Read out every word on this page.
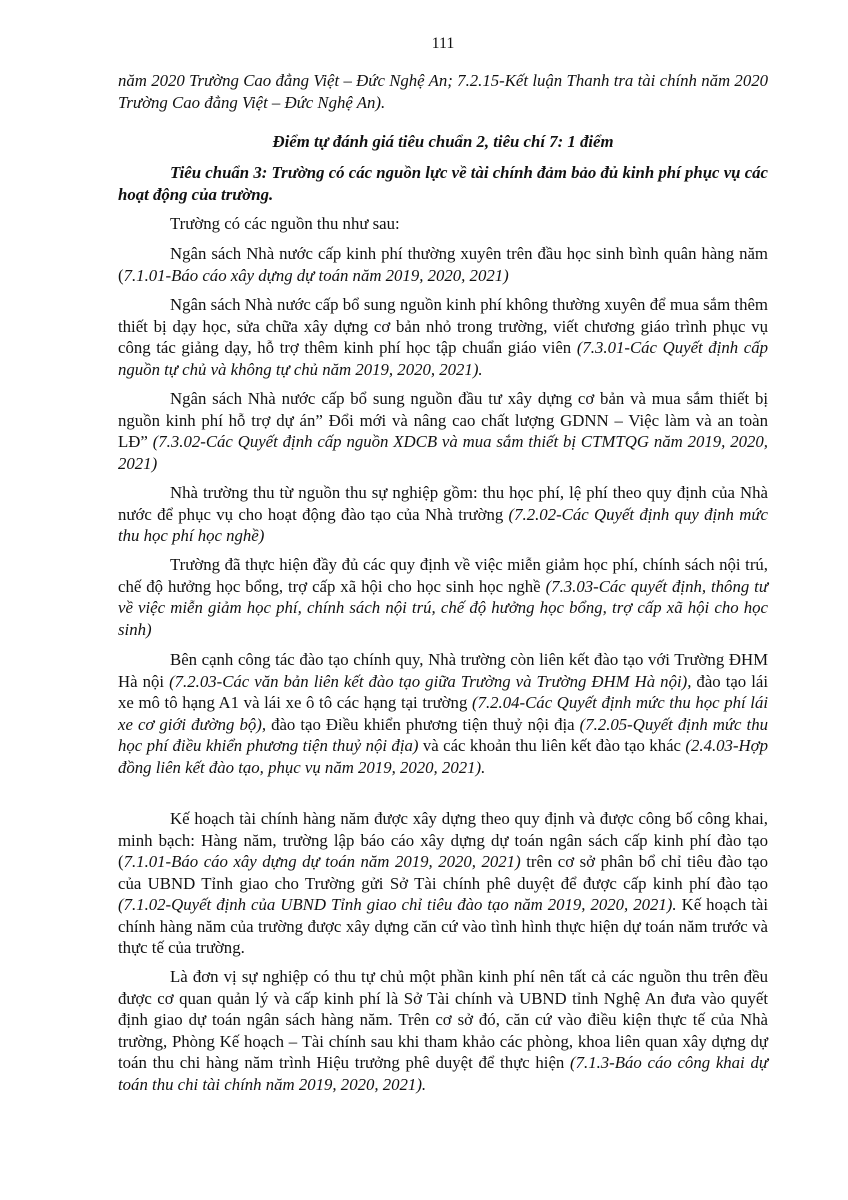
111

năm 2020 Trường Cao đẳng Việt – Đức Nghệ An; 7.2.15-Kết luận Thanh tra tài chính năm 2020 Trường Cao đẳng Việt – Đức Nghệ An).

Điểm tự đánh giá tiêu chuẩn 2, tiêu chí 7: 1 điểm

Tiêu chuẩn 3: Trường có các nguồn lực về tài chính đảm bảo đủ kinh phí phục vụ các hoạt động của trường.

Trường có các nguồn thu như sau:

Ngân sách Nhà nước cấp kinh phí thường xuyên trên đầu học sinh bình quân hàng năm (7.1.01-Báo cáo xây dựng dự toán năm 2019, 2020, 2021)

Ngân sách Nhà nước cấp bổ sung nguồn kinh phí không thường xuyên để mua sắm thêm thiết bị dạy học, sửa chữa xây dựng cơ bản nhỏ trong trường, viết chương giáo trình phục vụ công tác giảng dạy, hỗ trợ thêm kinh phí học tập chuẩn giáo viên (7.3.01-Các Quyết định cấp nguồn tự chủ và không tự chủ năm 2019, 2020, 2021).

Ngân sách Nhà nước cấp bổ sung nguồn đầu tư xây dựng cơ bản và mua sắm thiết bị nguồn kinh phí hỗ trợ dự án” Đổi mới và nâng cao chất lượng GDNN – Việc làm và an toàn LĐ” (7.3.02-Các Quyết định cấp nguồn XDCB và mua sắm thiết bị CTMTQG năm 2019, 2020, 2021)

Nhà trường thu từ nguồn thu sự nghiệp gồm: thu học phí, lệ phí theo quy định của Nhà nước để phục vụ cho hoạt động đào tạo của Nhà trường (7.2.02-Các Quyết định quy định mức thu học phí học nghề)

Trường đã thực hiện đầy đủ các quy định về việc miễn giảm học phí, chính sách nội trú, chế độ hưởng học bổng, trợ cấp xã hội cho học sinh học nghề (7.3.03-Các quyết định, thông tư về việc miễn giảm học phí, chính sách nội trú, chế độ hưởng học bổng, trợ cấp xã hội cho học sinh)

Bên cạnh công tác đào tạo chính quy, Nhà trường còn liên kết đào tạo với Trường ĐHM Hà nội (7.2.03-Các văn bản liên kết đào tạo giữa Trường và Trường ĐHM Hà nội), đào tạo lái xe mô tô hạng A1 và lái xe ô tô các hạng tại trường (7.2.04-Các Quyết định mức thu học phí lái xe cơ giới đường bộ), đào tạo Điều khiển phương tiện thuỷ nội địa (7.2.05-Quyết định mức thu học phí điều khiển phương tiện thuỷ nội địa) và các khoản thu liên kết đào tạo khác (2.4.03-Hợp đồng liên kết đào tạo, phục vụ năm 2019, 2020, 2021).

Kế hoạch tài chính hàng năm được xây dựng theo quy định và được công bố công khai, minh bạch: Hàng năm, trường lập báo cáo xây dựng dự toán ngân sách cấp kinh phí đào tạo (7.1.01-Báo cáo xây dựng dự toán năm 2019, 2020, 2021) trên cơ sở phân bổ chỉ tiêu đào tạo của UBND Tỉnh giao cho Trường gửi Sở Tài chính phê duyệt để được cấp kinh phí đào tạo (7.1.02-Quyết định của UBND Tỉnh giao chỉ tiêu đào tạo năm 2019, 2020, 2021). Kế hoạch tài chính hàng năm của trường được xây dựng căn cứ vào tình hình thực hiện dự toán năm trước và thực tế của trường.

Là đơn vị sự nghiệp có thu tự chủ một phần kinh phí nên tất cả các nguồn thu trên đều được cơ quan quản lý và cấp kinh phí là Sở Tài chính và UBND tỉnh Nghệ An đưa vào quyết định giao dự toán ngân sách hàng năm. Trên cơ sở đó, căn cứ vào điều kiện thực tế của Nhà trường, Phòng Kế hoạch – Tài chính sau khi tham khảo các phòng, khoa liên quan xây dựng dự toán thu chi hàng năm trình Hiệu trưởng phê duyệt để thực hiện (7.1.3-Báo cáo công khai dự toán thu chi tài chính năm 2019, 2020, 2021).
